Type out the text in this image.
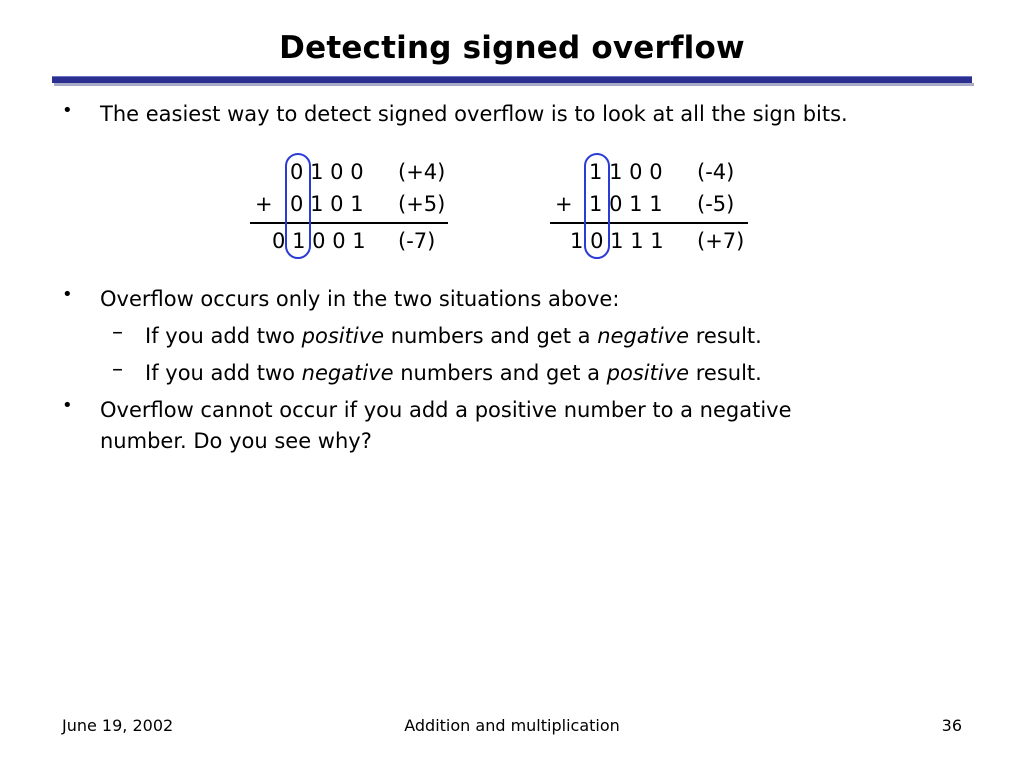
Detecting signed overflow
• The easiest way to detect signed overflow is to look at all the sign bits.
0 1 0 0 (+4)
+ 0 1 0 1 (+5)
0 1 0 0 1 (-7)
1 1 0 0 (-4)
+ 1 0 1 1 (-5)
1 0 1 1 1 (+7)
• Overflow occurs only in the two situations above:
– If you add two positive numbers and get a negative result.
– If you add two negative numbers and get a positive result.
• Overflow cannot occur if you add a positive number to a negative
number. Do you see why?
June 19, 2002	Addition and multiplication	36
